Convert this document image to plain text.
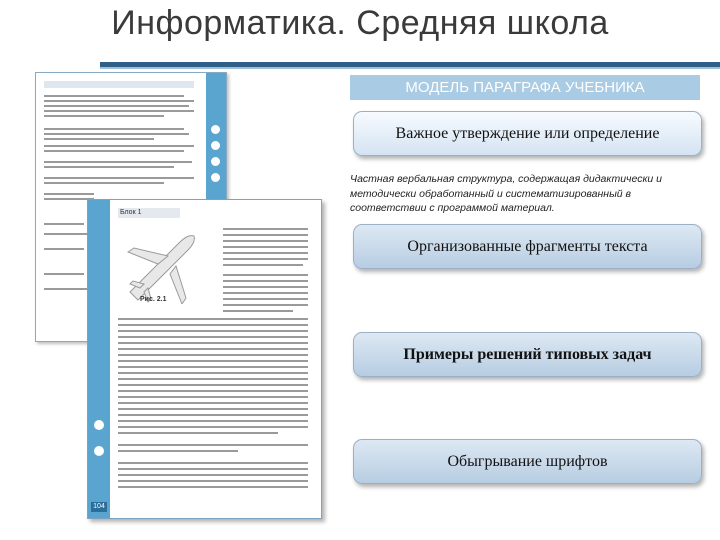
Информатика. Средняя школа
104
Блок 1
Рис. 2.1
МОДЕЛЬ ПАРАГРАФА УЧЕБНИКА
Важное утверждение или определение
Частная вербальная структура, содержащая дидактически и методически обработанный и систематизированный в соответствии с программой материал.
Организованные фрагменты текста
Примеры решений типовых задач
Обыгрывание шрифтов
